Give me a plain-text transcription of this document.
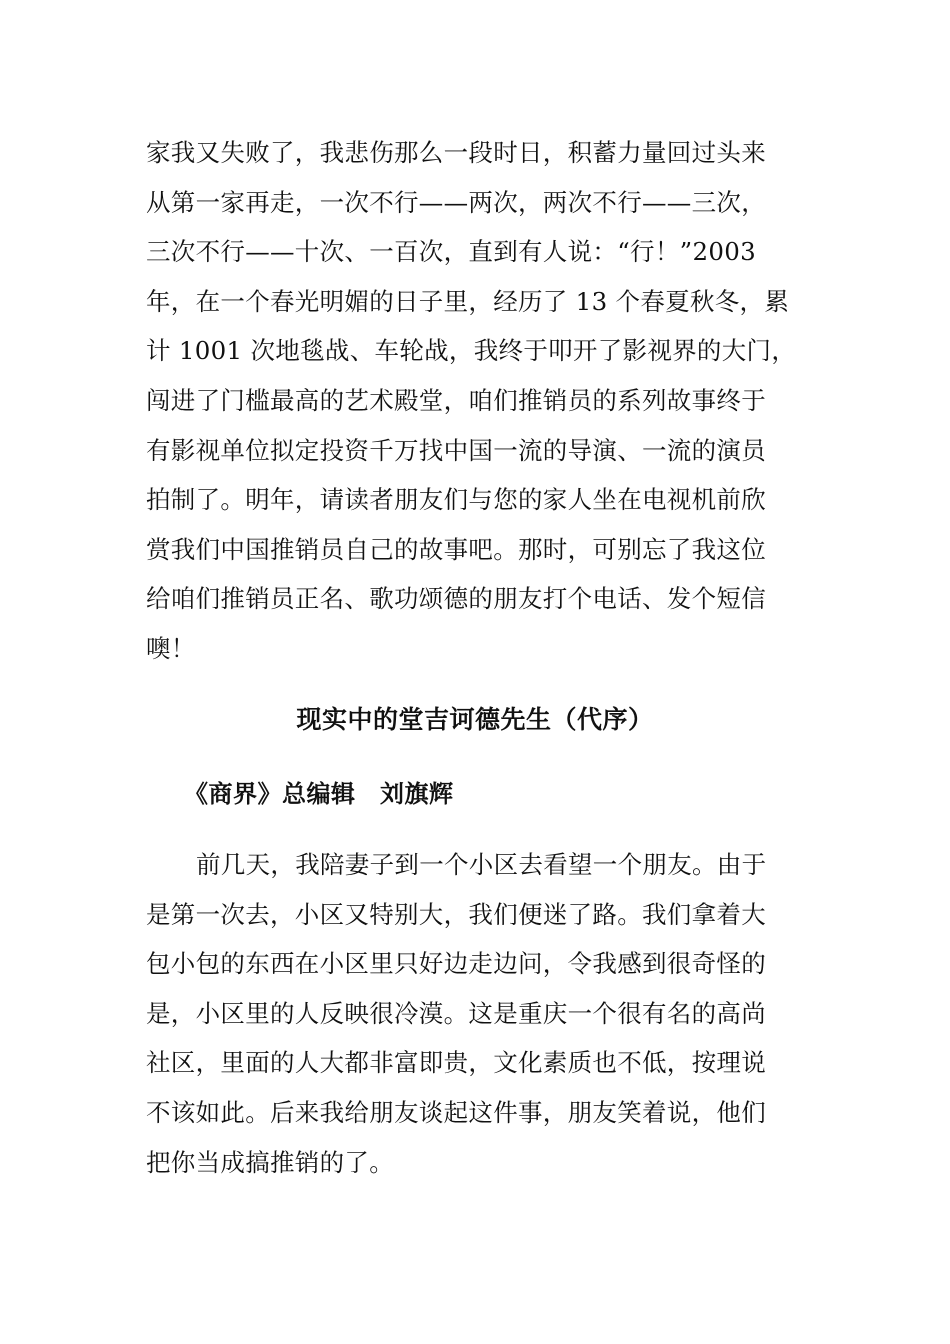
家我又失败了，我悲伤那么一段时日，积蓄力量回过头来
从第一家再走，一次不行——两次，两次不行——三次，
三次不行——十次、一百次，直到有人说：“行！”2003
年，在一个春光明媚的日子里，经历了 13 个春夏秋冬，累
计 1001 次地毯战、车轮战，我终于叩开了影视界的大门，
闯进了门槛最高的艺术殿堂，咱们推销员的系列故事终于
有影视单位拟定投资千万找中国一流的导演、一流的演员
拍制了。明年，请读者朋友们与您的家人坐在电视机前欣
赏我们中国推销员自己的故事吧。那时，可别忘了我这位
给咱们推销员正名、歌功颂德的朋友打个电话、发个短信
噢！
现实中的堂吉诃德先生（代序）
《商界》总编辑　刘旗辉
前几天，我陪妻子到一个小区去看望一个朋友。由于
是第一次去，小区又特别大，我们便迷了路。我们拿着大
包小包的东西在小区里只好边走边问，令我感到很奇怪的
是，小区里的人反映很冷漠。这是重庆一个很有名的高尚
社区，里面的人大都非富即贵，文化素质也不低，按理说
不该如此。后来我给朋友谈起这件事，朋友笑着说，他们
把你当成搞推销的了。
